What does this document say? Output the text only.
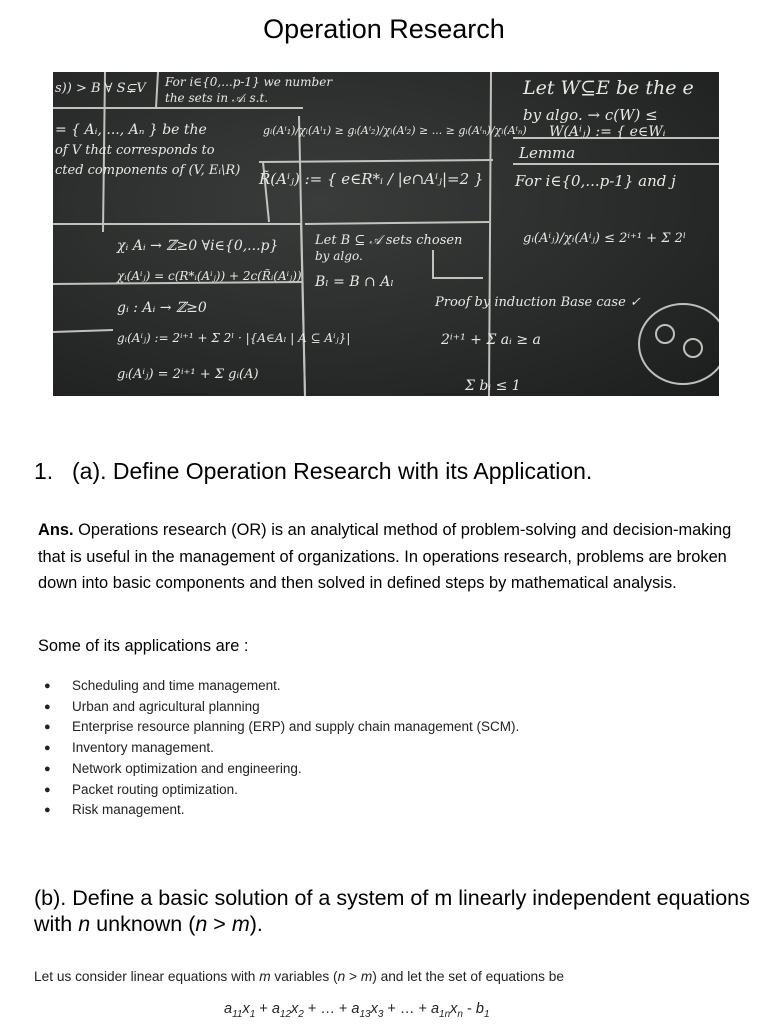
Operation Research
s)) > B ∀ S⊊V For i∈{0,...p-1} we number
the sets in 𝒜ᵢ s.t.	Let W⊆E be the e
by algo. → c(W) ≤
= { Aᵢ, ..., Aₙ } be the
of V that corresponds to
cted components of (V, Eᵢ\R)
gᵢ(Aⁱ₁)/χᵢ(Aⁱ₁) ≥ gᵢ(Aⁱ₂)/χᵢ(Aⁱ₂) ≥ ... ≥ gᵢ(Aⁱₙ)/χᵢ(Aⁱₙ) W(Aⁱⱼ) := { e∈Wᵢ
Lemma
R̃(Aⁱⱼ) := { e∈R*ᵢ / |e∩Aⁱⱼ|=2 } For i∈{0,...p-1} and j
χᵢ Aᵢ → ℤ≥0 ∀i∈{0,...p}	Let B ⊆ 𝒜 sets chosen
by algo.
gᵢ(Aⁱⱼ)/χᵢ(Aⁱⱼ) ≤ 2ⁱ⁺¹ + Σ 2ˡ
χᵢ(Aⁱⱼ) = c(R*ᵢ(Aⁱⱼ)) + 2c(R̃ᵢ(Aⁱⱼ)) Bₗ = B ∩ Aₗ
Proof by induction Base case ✓
gᵢ : Aᵢ → ℤ≥0
gᵢ(Aⁱⱼ) := 2ⁱ⁺¹ + Σ 2ˡ · |{A∈Aₗ | A ⊆ Aⁱⱼ}|	2ⁱ⁺¹ + Σ aᵢ ≥ a
gᵢ(Aⁱⱼ) = 2ⁱ⁺¹ + Σ gᵢ(A)
Σ bᵢ ≤ 1
1. (a). Define Operation Research with its Application.
Ans. Operations research (OR) is an analytical method of problem-solving and decision-making that is useful in the management of organizations. In operations research, problems are broken down into basic components and then solved in defined steps by mathematical analysis.
Some of its applications are :
● Scheduling and time management.
● Urban and agricultural planning
● Enterprise resource planning (ERP) and supply chain management (SCM).
● Inventory management.
● Network optimization and engineering.
● Packet routing optimization.
● Risk management.
(b). Define a basic solution of a system of m linearly independent equations with n unknown (n > m).
Let us consider linear equations with m variables (n > m) and let the set of equations be
$a_{11}x_1 + a_{12}x_2$ + … + $a_{13}x_3$ + … + $a_{1n}x_n - b_1$
